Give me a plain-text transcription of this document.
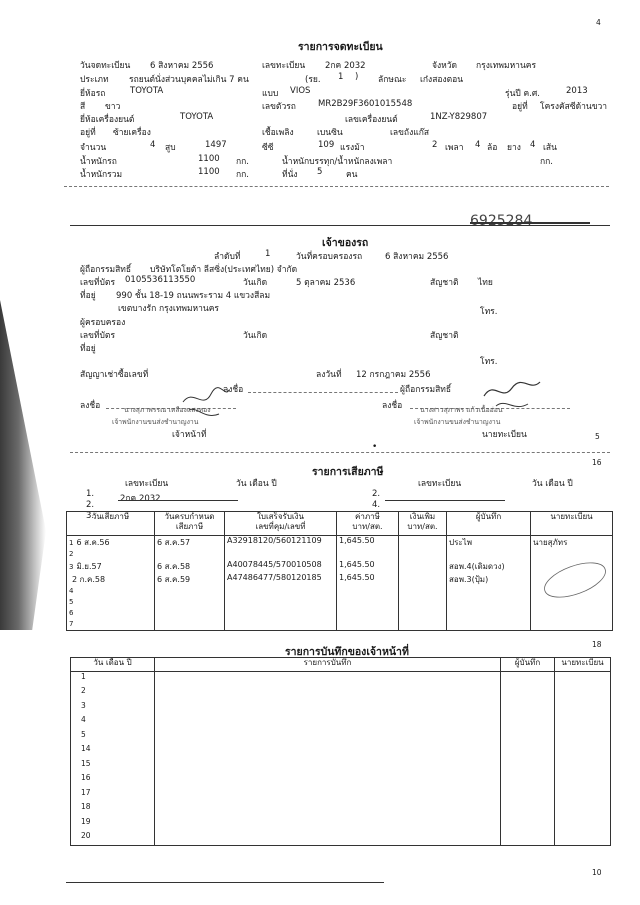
4
รายการจดทะเบียน
วันจดทะเบียน 6 สิงหาคม 2556	เลขทะเบียน 2กค 2032	จังหวัด กรุงเทพมหานคร
ประเภท รถยนต์นั่งส่วนบุคคลไม่เกิน 7 คน	(รย. 1 ) ลักษณะ เก๋งสองตอน
ยี่ห้อรถ	TOYOTA	แบบ VIOS	รุ่นปี ค.ศ.	2013
สี ขาว	เลขตัวรถ	MR2B29F3601015548	อยู่ที่ โครงคัสซีด้านขวา
ยี่ห้อเครื่องยนต์	TOYOTA	เลขเครื่องยนต์	1NZ-Y829807
อยู่ที่ ซ้ายเครื่อง	เชื้อเพลิง	เบนซิน	เลขถังแก๊ส
จำนวน	4 สูบ	1497	ซีซี	109 แรงม้า	2 เพลา 4 ล้อ ยาง 4 เส้น
น้ำหนักรถ	1100 กก.	น้ำหนักบรรทุก/น้ำหนักลงเพลา	กก.
น้ำหนักรวม	1100 กก.	ที่นั่ง 5	คน
6925284
เจ้าของรถ
ลำดับที่	1	วันที่ครอบครองรถ	6 สิงหาคม 2556
ผู้ถือกรรมสิทธิ์ บริษัทโตโยต้า ลีสซิ่ง(ประเทศไทย) จำกัด
เลขที่บัตร 0105536113550	วันเกิด	5 ตุลาคม 2536	สัญชาติ ไทย
ที่อยู่ 990 ชั้น 18-19 ถนนพระราม 4 แขวงสีลม
เขตบางรัก กรุงเทพมหานคร	โทร.
ผู้ครอบครอง
เลขที่บัตร	วันเกิด	สัญชาติ
ที่อยู่
โทร.
สัญญาเช่าซื้อเลขที่	ลงวันที่ 12 กรกฎาคม 2556
ลงชื่อ	ผู้ถือกรรมสิทธิ์
ลงชื่อ	นางสุภาพรรณ เหลืองแสงทอง
เจ้าพนักงานขนส่งชำนาญงาน
เจ้าหน้าที่
ลงชื่อ	นางสาวสุภาพร แก้วเนื้ออ่อน
เจ้าพนักงานขนส่งชำนาญงาน
นายทะเบียน	5
•
16
รายการเสียภาษี
เลขทะเบียน	วัน เดือน ปี	เลขทะเบียน	วัน เดือน ปี
1.	2กค 2032
2.
3.
2.
4.
วันเสียภาษี	วันครบกำหนด
เสียภาษี	ใบเสร็จรับเงิน
เลขที่คุม/เลขที่	ค่าภาษี
บาท/สต.	เงินเพิ่ม
บาท/สต.	ผู้บันทึก	นายทะเบียน
1 6 ส.ค.56	6 ส.ค.57	A32918120/560121109	1,645.50		ประไพ	นายสุภัทร
2						
3 มิ.ย.57	6 ส.ค.58	A40078445/570010508	1,645.50		สอพ.4(เดิมดวง)	
2 ก.ค.58	6 ส.ค.59	A47486477/580120185	1,645.50		สอพ.3(ปุ้ม)	
4						
5						
6						
7						
18
รายการบันทึกของเจ้าหน้าที่
วัน เดือน ปี	รายการบันทึก	ผู้บันทึก	นายทะเบียน
1			
2			
3			
4			
5			
14			
15			
16			
17			
18			
19			
20			
10
